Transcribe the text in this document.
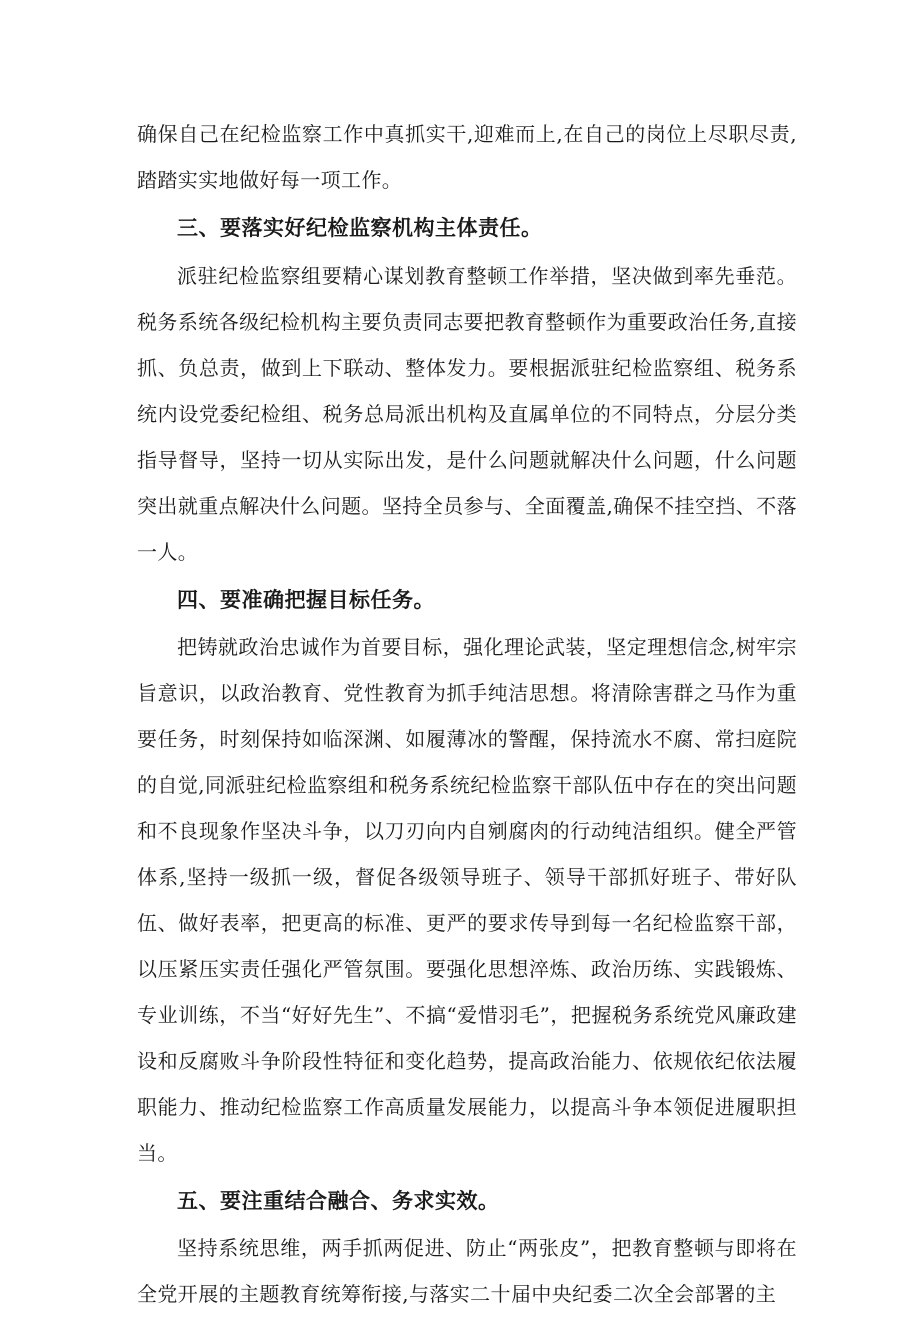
确保自己在纪检监察工作中真抓实干,迎难而上,在自己的岗位上尽职尽责,踏踏实实地做好每一项工作。

三、要落实好纪检监察机构主体责任。

派驻纪检监察组要精心谋划教育整顿工作举措，坚决做到率先垂范。税务系统各级纪检机构主要负责同志要把教育整顿作为重要政治任务,直接抓、负总责，做到上下联动、整体发力。要根据派驻纪检监察组、税务系统内设党委纪检组、税务总局派出机构及直属单位的不同特点，分层分类指导督导，坚持一切从实际出发，是什么问题就解决什么问题，什么问题突出就重点解决什么问题。坚持全员参与、全面覆盖,确保不挂空挡、不落一人。

四、要准确把握目标任务。

把铸就政治忠诚作为首要目标，强化理论武装，坚定理想信念,树牢宗旨意识，以政治教育、党性教育为抓手纯洁思想。将清除害群之马作为重要任务，时刻保持如临深渊、如履薄冰的警醒，保持流水不腐、常扫庭院的自觉,同派驻纪检监察组和税务系统纪检监察干部队伍中存在的突出问题和不良现象作坚决斗争，以刀刃向内自剜腐肉的行动纯洁组织。健全严管体系,坚持一级抓一级，督促各级领导班子、领导干部抓好班子、带好队伍、做好表率，把更高的标准、更严的要求传导到每一名纪检监察干部，以压紧压实责任强化严管氛围。要强化思想淬炼、政治历练、实践锻炼、专业训练，不当“好好先生”、不搞“爱惜羽毛”，把握税务系统党风廉政建设和反腐败斗争阶段性特征和变化趋势，提高政治能力、依规依纪依法履职能力、推动纪检监察工作高质量发展能力，以提高斗争本领促进履职担当。

五、要注重结合融合、务求实效。

坚持系统思维，两手抓两促进、防止“两张皮”，把教育整顿与即将在全党开展的主题教育统筹衔接,与落实二十届中央纪委二次全会部署的主
